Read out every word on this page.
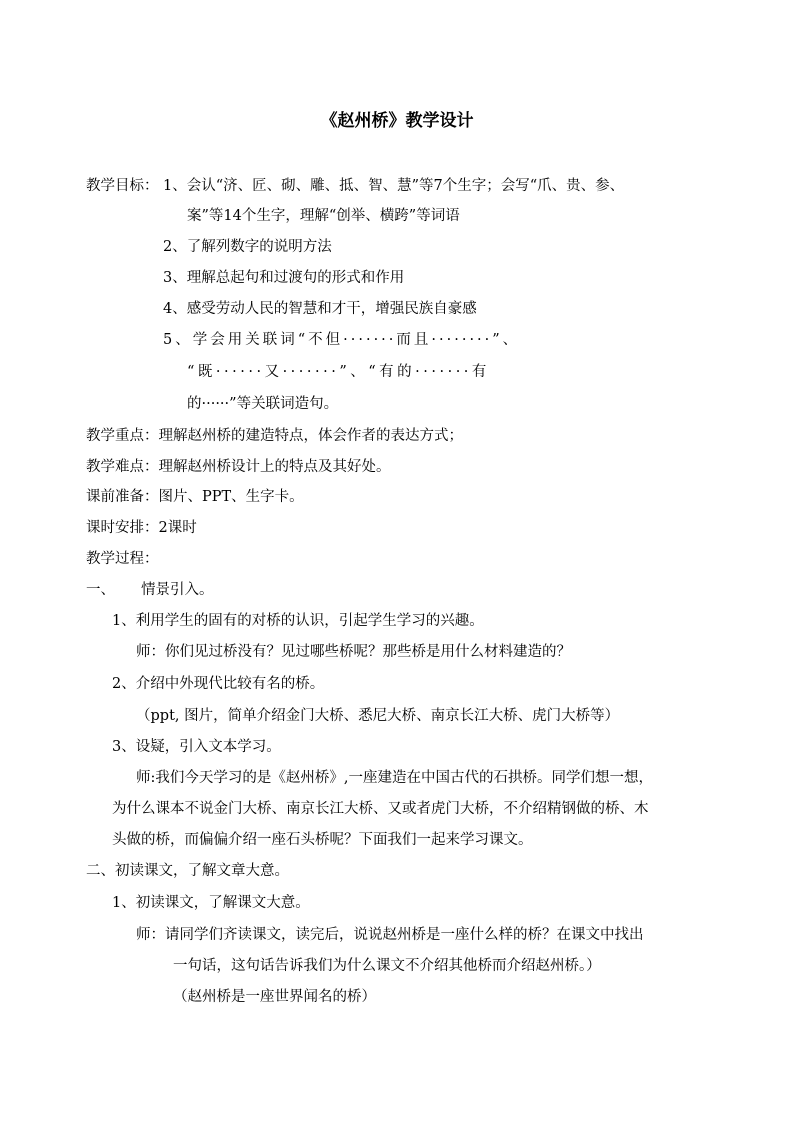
《赵州桥》教学设计
教学目标： 1、会认“济、匠、砌、雕、抵、智、慧”等7个生字；会写“爪、贵、参、
案”等14个生字，理解“创举、横跨”等词语
2、了解列数字的说明方法
3、理解总起句和过渡句的形式和作用
4、感受劳动人民的智慧和才干，增强民族自豪感
5、学会用关联词“不但·······而且········”、
“既······又·······”、“有的·······有
的······”等关联词造句。
教学重点：理解赵州桥的建造特点，体会作者的表达方式；
教学难点：理解赵州桥设计上的特点及其好处。
课前准备：图片、PPT、生字卡。
课时安排：2课时
教学过程：
一、 情景引入。
1、利用学生的固有的对桥的认识，引起学生学习的兴趣。
师：你们见过桥没有？见过哪些桥呢？那些桥是用什么材料建造的？
2、介绍中外现代比较有名的桥。
（ppt, 图片，简单介绍金门大桥、悉尼大桥、南京长江大桥、虎门大桥等）
3、设疑，引入文本学习。
师:我们今天学习的是《赵州桥》,一座建造在中国古代的石拱桥。同学们想一想，
为什么课本不说金门大桥、南京长江大桥、又或者虎门大桥，不介绍精钢做的桥、木
头做的桥，而偏偏介绍一座石头桥呢？下面我们一起来学习课文。
二、初读课文，了解文章大意。
1、初读课文，了解课文大意。
师：请同学们齐读课文，读完后，说说赵州桥是一座什么样的桥？在课文中找出
一句话，这句话告诉我们为什么课文不介绍其他桥而介绍赵州桥。）
（赵州桥是一座世界闻名的桥）
